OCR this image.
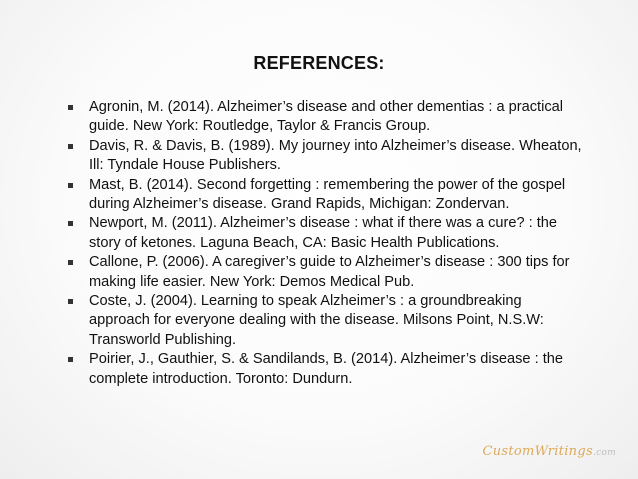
REFERENCES:
Agronin, M. (2014). Alzheimer’s disease and other dementias : a practical guide. New York: Routledge, Taylor & Francis Group.
Davis, R. & Davis, B. (1989). My journey into Alzheimer’s disease. Wheaton, Ill: Tyndale House Publishers.
Mast, B. (2014). Second forgetting : remembering the power of the gospel during Alzheimer’s disease. Grand Rapids, Michigan: Zondervan.
Newport, M. (2011). Alzheimer’s disease : what if there was a cure? : the story of ketones. Laguna Beach, CA: Basic Health Publications.
Callone, P. (2006). A caregiver’s guide to Alzheimer’s disease : 300 tips for making life easier. New York: Demos Medical Pub.
Coste, J. (2004). Learning to speak Alzheimer’s : a groundbreaking approach for everyone dealing with the disease. Milsons Point, N.S.W: Transworld Publishing.
Poirier, J., Gauthier, S. & Sandilands, B. (2014). Alzheimer’s disease : the complete introduction. Toronto: Dundurn.
CustomWritings.com
